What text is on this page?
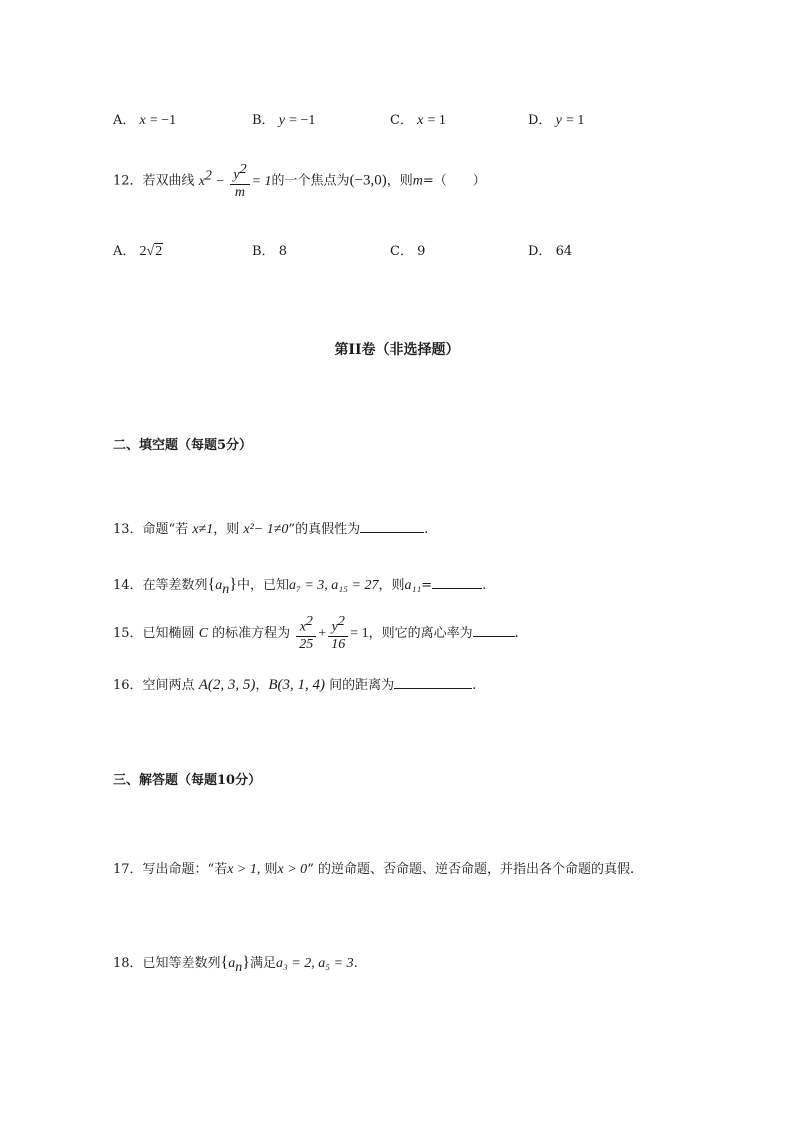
A． x = −1	B． y = −1	C． x = 1	D． y = 1
12．若双曲线 $x^2 - \frac{y^2}{m} = 1$的一个焦点为(−3,0)，则m=（　　）
A． 2√2	B． 8	C． 9	D． 64
第II卷（非选择题）
二、填空题（每题5分）
13．命题“若 x≠1，则 x²− 1≠0”的真假性为	.
14．在等差数列$\{a_n\}$中，已知a₇ = 3, a₁₅ = 27，则a₁₁=	.
15．已知椭圆 C 的标准方程为 $\frac{x^2}{25} + \frac{y^2}{16} = 1$，则它的离心率为	.
16．空间两点 A(2, 3, 5)，B(3, 1, 4) 间的距离为	.
三、解答题（每题10分）
17．写出命题：“若x > 1, 则x > 0” 的逆命题、否命题、逆否命题，并指出各个命题的真假.
18．已知等差数列$\{a_n\}$满足a₃ = 2, a₅ = 3.
